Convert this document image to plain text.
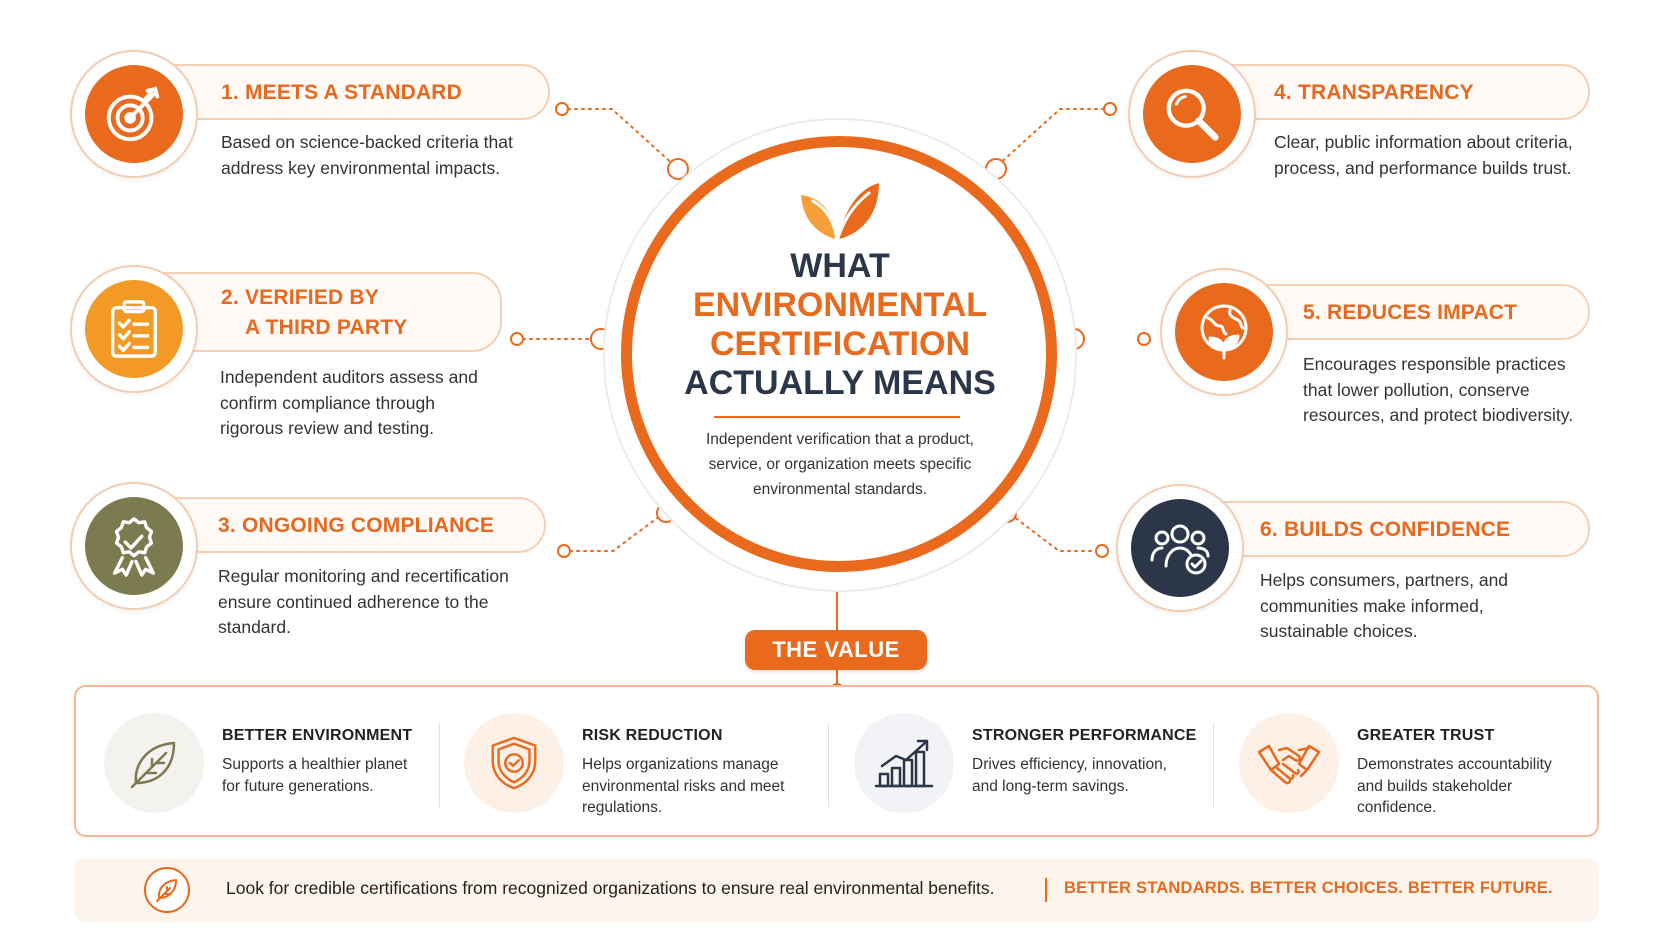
1. MEETS A STANDARD
Based on science-backed criteria that address key environmental impacts.
2. VERIFIED BY
A THIRD PARTY
Independent auditors assess and confirm compliance through rigorous review and testing.
3. ONGOING COMPLIANCE
Regular monitoring and recertification ensure continued adherence to the standard.
4. TRANSPARENCY
Clear, public information about criteria, process, and performance builds trust.
5. REDUCES IMPACT
Encourages responsible practices that lower pollution, conserve resources, and protect biodiversity.
6. BUILDS CONFIDENCE
Helps consumers, partners, and communities make informed, sustainable choices.
WHAT
ENVIRONMENTAL
CERTIFICATION
ACTUALLY MEANS
Independent verification that a product, service, or organization meets specific environmental standards.
THE VALUE
BETTER ENVIRONMENT
Supports a healthier planet for future generations.
RISK REDUCTION
Helps organizations manage environmental risks and meet regulations.
STRONGER PERFORMANCE
Drives efficiency, innovation, and long-term savings.
GREATER TRUST
Demonstrates accountability and builds stakeholder confidence.
Look for credible certifications from recognized organizations to ensure real environmental benefits.	BETTER STANDARDS. BETTER CHOICES. BETTER FUTURE.
